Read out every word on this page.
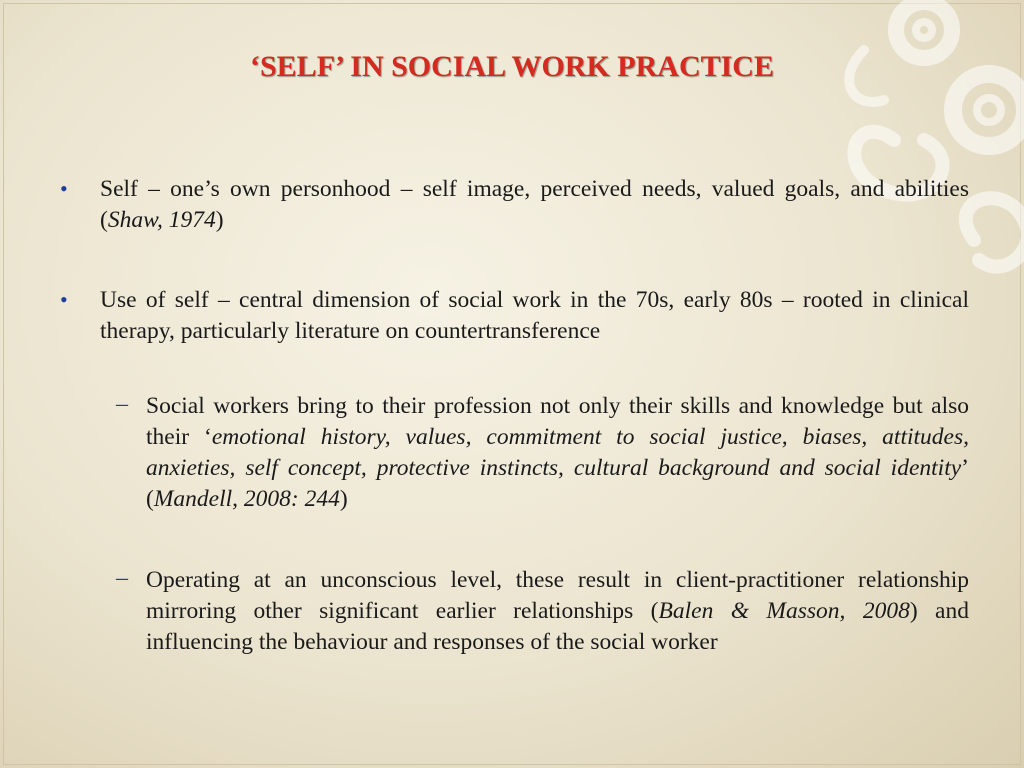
‘SELF’ IN SOCIAL WORK PRACTICE
• Self – one’s own personhood – self image, perceived needs, valued goals, and abilities (Shaw, 1974)
• Use of self – central dimension of social work in the 70s, early 80s – rooted in clinical therapy, particularly literature on countertransference
– Social workers bring to their profession not only their skills and knowledge but also their ‘emotional history, values, commitment to social justice, biases, attitudes, anxieties, self concept, protective instincts, cultural background and social identity’ (Mandell, 2008: 244)
– Operating at an unconscious level, these result in client-practitioner relationship mirroring other significant earlier relationships (Balen & Masson, 2008) and influencing the behaviour and responses of the social worker
